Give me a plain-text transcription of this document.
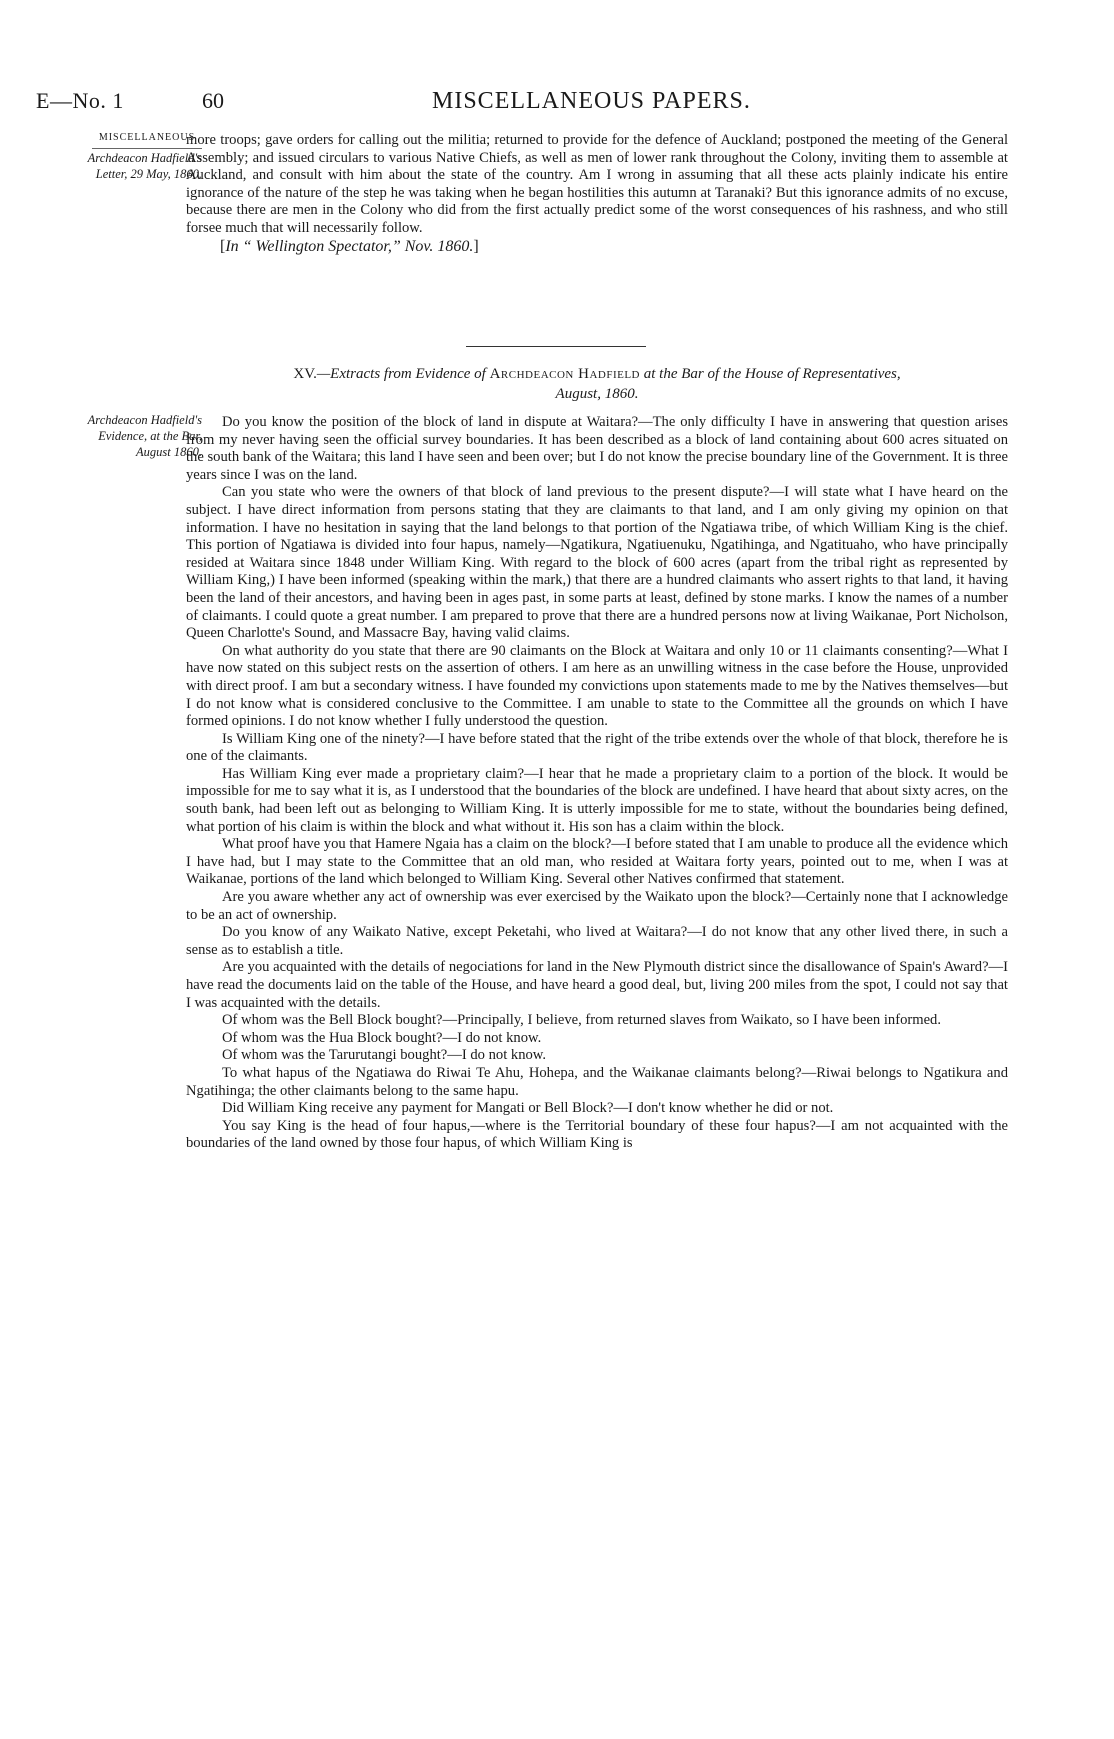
E—No. 1	60	MISCELLANEOUS PAPERS.
MISCELLANEOUS
Archdeacon Hadfield's
Letter, 29 May, 1860.

more troops; gave orders for calling out the militia; returned to provide for the defence of Auckland; postponed the meeting of the General Assembly; and issued circulars to various Native Chiefs, as well as men of lower rank throughout the Colony, inviting them to assemble at Auckland, and consult with him about the state of the country. Am I wrong in assuming that all these acts plainly indicate his entire ignorance of the nature of the step he was taking when he began hostilities this autumn at Taranaki? But this ignorance admits of no excuse, because there are men in the Colony who did from the first actually predict some of the worst consequences of his rashness, and who still forsee much that will necessarily follow.

[In “ Wellington Spectator,” Nov. 1860.]

XV.—Extracts from Evidence of Archdeacon Hadfield at the Bar of the House of Representatives,
August, 1860.
Archdeacon Hadfield's
Evidence, at the Bar,
August 1860.

Do you know the position of the block of land in dispute at Waitara?—The only difficulty I have in answering that question arises from my never having seen the official survey boundaries. It has been described as a block of land containing about 600 acres situated on the south bank of the Waitara; this land I have seen and been over; but I do not know the precise boundary line of the Government. It is three years since I was on the land.

Can you state who were the owners of that block of land previous to the present dispute?—I will state what I have heard on the subject. I have direct information from persons stating that they are claimants to that land, and I am only giving my opinion on that information. I have no hesitation in saying that the land belongs to that portion of the Ngatiawa tribe, of which William King is the chief. This portion of Ngatiawa is divided into four hapus, namely—Ngatikura, Ngatiuenuku, Ngatihinga, and Ngatituaho, who have principally resided at Waitara since 1848 under William King. With regard to the block of 600 acres (apart from the tribal right as represented by William King,) I have been informed (speaking within the mark,) that there are a hundred claimants who assert rights to that land, it having been the land of their ancestors, and having been in ages past, in some parts at least, defined by stone marks. I know the names of a number of claimants. I could quote a great number. I am prepared to prove that there are a hundred persons now at living Waikanae, Port Nicholson, Queen Charlotte's Sound, and Massacre Bay, having valid claims.

On what authority do you state that there are 90 claimants on the Block at Waitara and only 10 or 11 claimants consenting?—What I have now stated on this subject rests on the assertion of others. I am here as an unwilling witness in the case before the House, unprovided with direct proof. I am but a secondary witness. I have founded my convictions upon statements made to me by the Natives themselves—but I do not know what is considered conclusive to the Committee. I am unable to state to the Committee all the grounds on which I have formed opinions. I do not know whether I fully understood the question.

Is William King one of the ninety?—I have before stated that the right of the tribe extends over the whole of that block, therefore he is one of the claimants.

Has William King ever made a proprietary claim?—I hear that he made a proprietary claim to a portion of the block. It would be impossible for me to say what it is, as I understood that the boundaries of the block are undefined. I have heard that about sixty acres, on the south bank, had been left out as belonging to William King. It is utterly impossible for me to state, without the boundaries being defined, what portion of his claim is within the block and what without it. His son has a claim within the block.

What proof have you that Hamere Ngaia has a claim on the block?—I before stated that I am unable to produce all the evidence which I have had, but I may state to the Committee that an old man, who resided at Waitara forty years, pointed out to me, when I was at Waikanae, portions of the land which belonged to William King. Several other Natives confirmed that statement.

Are you aware whether any act of ownership was ever exercised by the Waikato upon the block?—Certainly none that I acknowledge to be an act of ownership.

Do you know of any Waikato Native, except Peketahi, who lived at Waitara?—I do not know that any other lived there, in such a sense as to establish a title.

Are you acquainted with the details of negociations for land in the New Plymouth district since the disallowance of Spain's Award?—I have read the documents laid on the table of the House, and have heard a good deal, but, living 200 miles from the spot, I could not say that I was acquainted with the details.

Of whom was the Bell Block bought?—Principally, I believe, from returned slaves from Waikato, so I have been informed.

Of whom was the Hua Block bought?—I do not know.

Of whom was the Tarurutangi bought?—I do not know.

To what hapus of the Ngatiawa do Riwai Te Ahu, Hohepa, and the Waikanae claimants belong?—Riwai belongs to Ngatikura and Ngatihinga; the other claimants belong to the same hapu.

Did William King receive any payment for Mangati or Bell Block?—I don't know whether he did or not.

You say King is the head of four hapus,—where is the Territorial boundary of these four hapus?—I am not acquainted with the boundaries of the land owned by those four hapus, of which William King is
